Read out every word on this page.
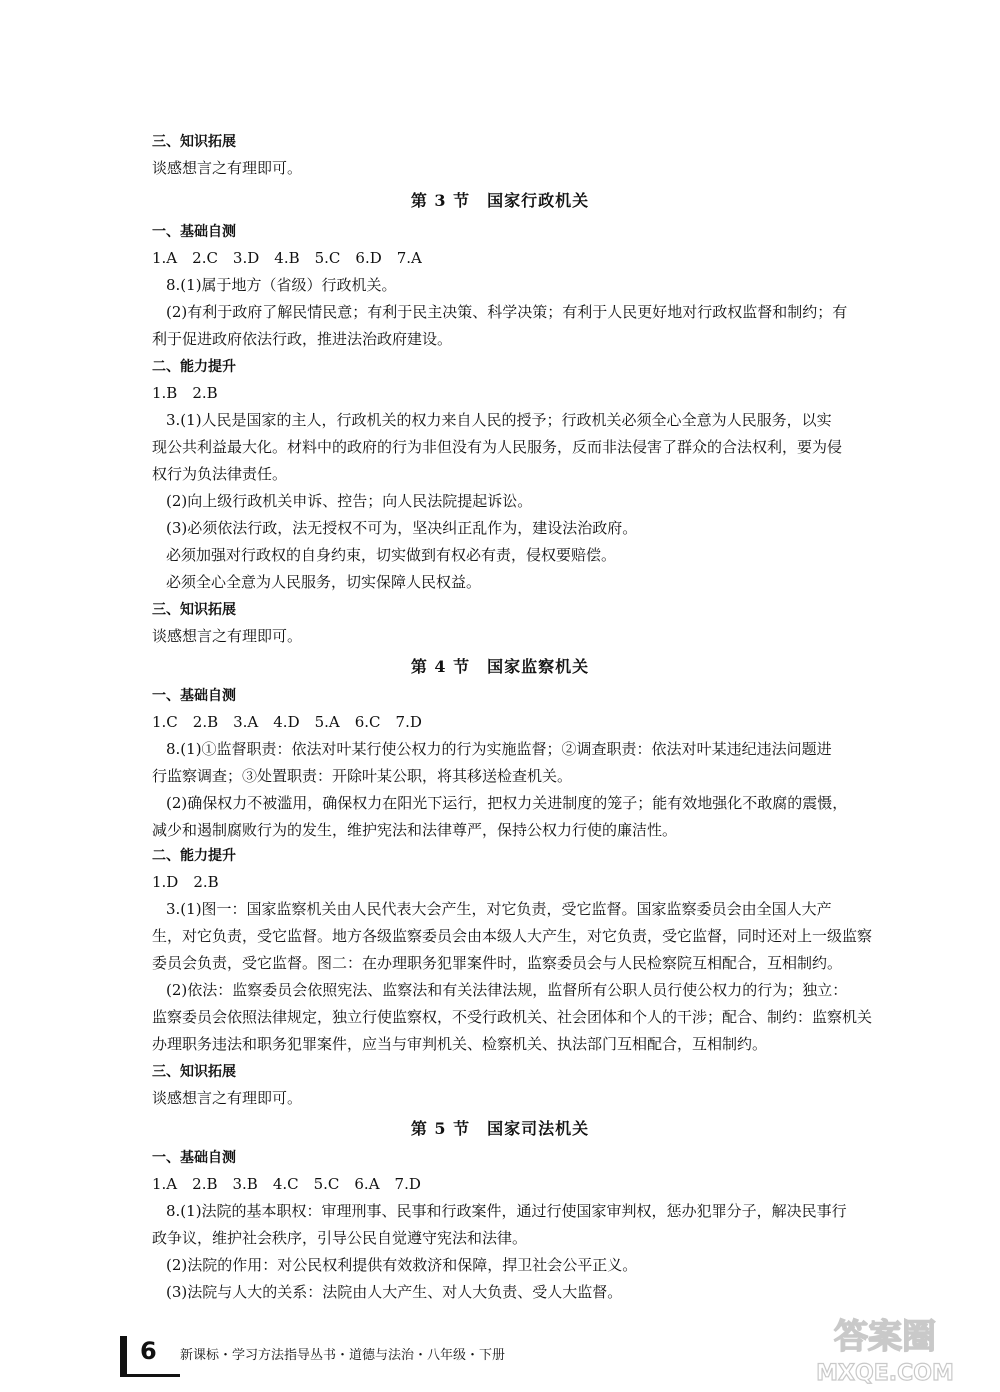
三、知识拓展
谈感想言之有理即可。
第 3 节　国家行政机关
一、基础自测
1.A　2.C　3.D　4.B　5.C　6.D　7.A
8.(1)属于地方（省级）行政机关。
(2)有利于政府了解民情民意；有利于民主决策、科学决策；有利于人民更好地对行政权监督和制约；有
利于促进政府依法行政，推进法治政府建设。
二、能力提升
1.B　2.B
3.(1)人民是国家的主人，行政机关的权力来自人民的授予；行政机关必须全心全意为人民服务，以实
现公共利益最大化。材料中的政府的行为非但没有为人民服务，反而非法侵害了群众的合法权利，要为侵
权行为负法律责任。
(2)向上级行政机关申诉、控告；向人民法院提起诉讼。
(3)必须依法行政，法无授权不可为，坚决纠正乱作为，建设法治政府。
必须加强对行政权的自身约束，切实做到有权必有责，侵权要赔偿。
必须全心全意为人民服务，切实保障人民权益。
三、知识拓展
谈感想言之有理即可。
第 4 节　国家监察机关
一、基础自测
1.C　2.B　3.A　4.D　5.A　6.C　7.D
8.(1)①监督职责：依法对叶某行使公权力的行为实施监督；②调查职责：依法对叶某违纪违法问题进
行监察调查；③处置职责：开除叶某公职，将其移送检查机关。
(2)确保权力不被滥用，确保权力在阳光下运行，把权力关进制度的笼子；能有效地强化不敢腐的震慑，
减少和遏制腐败行为的发生，维护宪法和法律尊严，保持公权力行使的廉洁性。
二、能力提升
1.D　2.B
3.(1)图一：国家监察机关由人民代表大会产生，对它负责，受它监督。国家监察委员会由全国人大产
生，对它负责，受它监督。地方各级监察委员会由本级人大产生，对它负责，受它监督，同时还对上一级监察
委员会负责，受它监督。图二：在办理职务犯罪案件时，监察委员会与人民检察院互相配合，互相制约。
(2)依法：监察委员会依照宪法、监察法和有关法律法规，监督所有公职人员行使公权力的行为；独立：
监察委员会依照法律规定，独立行使监察权，不受行政机关、社会团体和个人的干涉；配合、制约：监察机关
办理职务违法和职务犯罪案件，应当与审判机关、检察机关、执法部门互相配合，互相制约。
三、知识拓展
谈感想言之有理即可。
第 5 节　国家司法机关
一、基础自测
1.A　2.B　3.B　4.C　5.C　6.A　7.D
8.(1)法院的基本职权：审理刑事、民事和行政案件，通过行使国家审判权，惩办犯罪分子，解决民事行
政争议，维护社会秩序，引导公民自觉遵守宪法和法律。
(2)法院的作用：对公民权利提供有效救济和保障，捍卫社会公平正义。
(3)法院与人大的关系：法院由人大产生、对人大负责、受人大监督。
6 新课标・学习方法指导丛书・道德与法治・八年级・下册	答案圈
MXQE.COM
